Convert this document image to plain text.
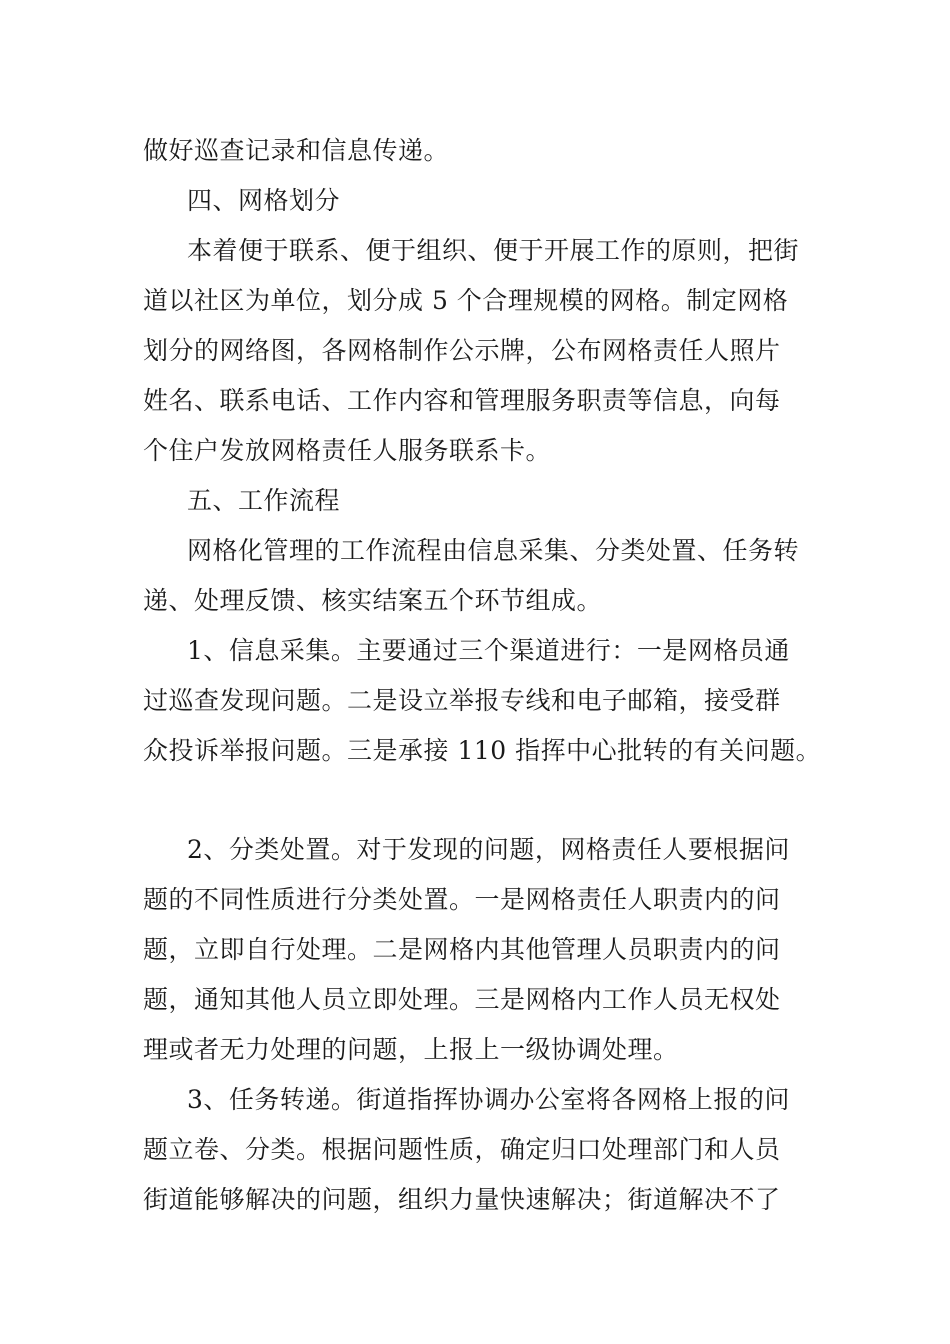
做好巡查记录和信息传递。
四、网格划分
本着便于联系、便于组织、便于开展工作的原则，把街
道以社区为单位，划分成 5 个合理规模的网格。制定网格
划分的网络图，各网格制作公示牌，公布网格责任人照片
姓名、联系电话、工作内容和管理服务职责等信息，向每
个住户发放网格责任人服务联系卡。
五、工作流程
网格化管理的工作流程由信息采集、分类处置、任务转
递、处理反馈、核实结案五个环节组成。
1、信息采集。主要通过三个渠道进行：一是网格员通
过巡查发现问题。二是设立举报专线和电子邮箱，接受群
众投诉举报问题。三是承接 110 指挥中心批转的有关问题。
2、分类处置。对于发现的问题，网格责任人要根据问
题的不同性质进行分类处置。一是网格责任人职责内的问
题，立即自行处理。二是网格内其他管理人员职责内的问
题，通知其他人员立即处理。三是网格内工作人员无权处
理或者无力处理的问题，上报上一级协调处理。
3、任务转递。街道指挥协调办公室将各网格上报的问
题立卷、分类。根据问题性质，确定归口处理部门和人员
街道能够解决的问题，组织力量快速解决；街道解决不了
